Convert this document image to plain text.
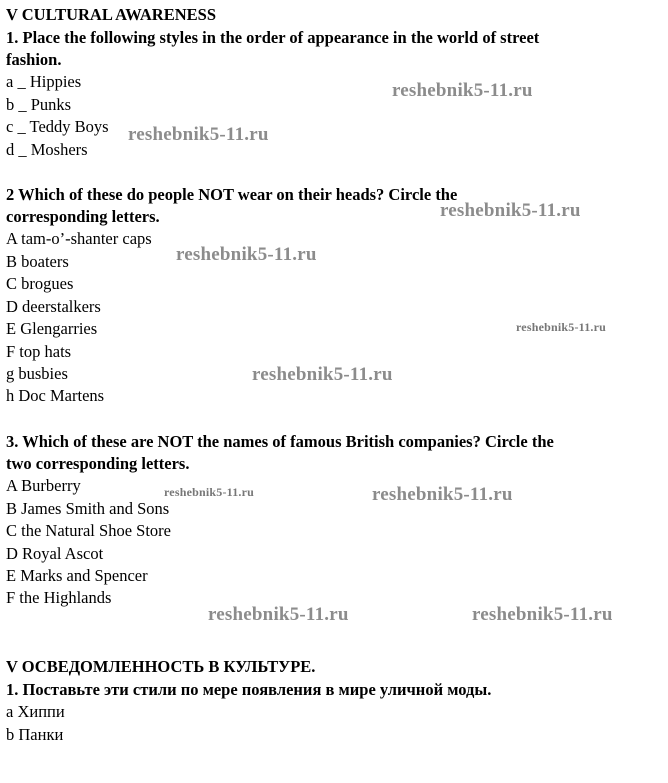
V CULTURAL AWARENESS
1. Place the following styles in the order of appearance in the world of street
fashion.
a _ Hippies
b _ Punks
c _ Teddy Boys
d _ Moshers
2 Which of these do people NOT wear on their heads? Circle the
corresponding letters.
A tam-o’-shanter caps
B boaters
C brogues
D deerstalkers
E Glengarries
F top hats
g busbies
h Doc Martens
3. Which of these are NOT the names of famous British companies? Circle the
two corresponding letters.
A Burberry
B James Smith and Sons
C the Natural Shoe Store
D Royal Ascot
E Marks and Spencer
F the Highlands
V ОСВЕДОМЛЕННОСТЬ В КУЛЬТУРЕ.
1. Поставьте эти стили по мере появления в мире уличной моды.
a Хиппи
b Панки
reshebnik5-11.ru
reshebnik5-11.ru
reshebnik5-11.ru
reshebnik5-11.ru
reshebnik5-11.ru
reshebnik5-11.ru
reshebnik5-11.ru	reshebnik5-11.ru
reshebnik5-11.ru	reshebnik5-11.ru
